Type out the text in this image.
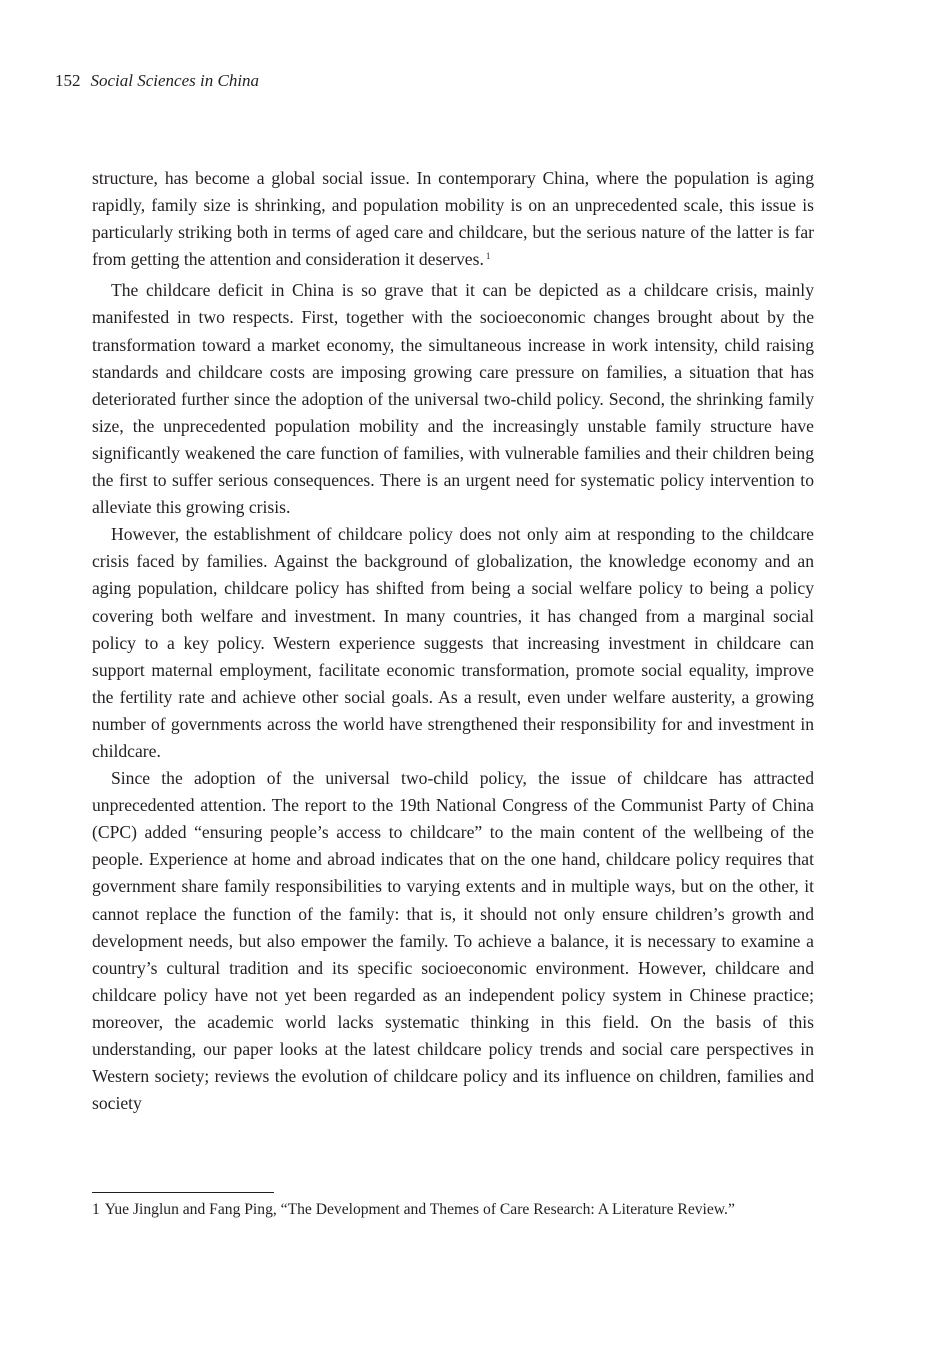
152 Social Sciences in China

structure, has become a global social issue. In contemporary China, where the population is aging rapidly, family size is shrinking, and population mobility is on an unprecedented scale, this issue is particularly striking both in terms of aged care and childcare, but the serious nature of the latter is far from getting the attention and consideration it deserves. $^1$

The childcare deficit in China is so grave that it can be depicted as a childcare crisis, mainly manifested in two respects. First, together with the socioeconomic changes brought about by the transformation toward a market economy, the simultaneous increase in work intensity, child raising standards and childcare costs are imposing growing care pressure on families, a situation that has deteriorated further since the adoption of the universal two-child policy. Second, the shrinking family size, the unprecedented population mobility and the increasingly unstable family structure have significantly weakened the care function of families, with vulnerable families and their children being the first to suffer serious consequences. There is an urgent need for systematic policy intervention to alleviate this growing crisis.

However, the establishment of childcare policy does not only aim at responding to the childcare crisis faced by families. Against the background of globalization, the knowledge economy and an aging population, childcare policy has shifted from being a social welfare policy to being a policy covering both welfare and investment. In many countries, it has changed from a marginal social policy to a key policy. Western experience suggests that increasing investment in childcare can support maternal employment, facilitate economic transformation, promote social equality, improve the fertility rate and achieve other social goals. As a result, even under welfare austerity, a growing number of governments across the world have strengthened their responsibility for and investment in childcare.

Since the adoption of the universal two-child policy, the issue of childcare has attracted unprecedented attention. The report to the 19th National Congress of the Communist Party of China (CPC) added “ensuring people’s access to childcare” to the main content of the wellbeing of the people. Experience at home and abroad indicates that on the one hand, childcare policy requires that government share family responsibilities to varying extents and in multiple ways, but on the other, it cannot replace the function of the family: that is, it should not only ensure children’s growth and development needs, but also empower the family. To achieve a balance, it is necessary to examine a country’s cultural tradition and its specific socioeconomic environment. However, childcare and childcare policy have not yet been regarded as an independent policy system in Chinese practice; moreover, the academic world lacks systematic thinking in this field. On the basis of this understanding, our paper looks at the latest childcare policy trends and social care perspectives in Western society; reviews the evolution of childcare policy and its influence on children, families and society

1 Yue Jinglun and Fang Ping, “The Development and Themes of Care Research: A Literature Review.”
